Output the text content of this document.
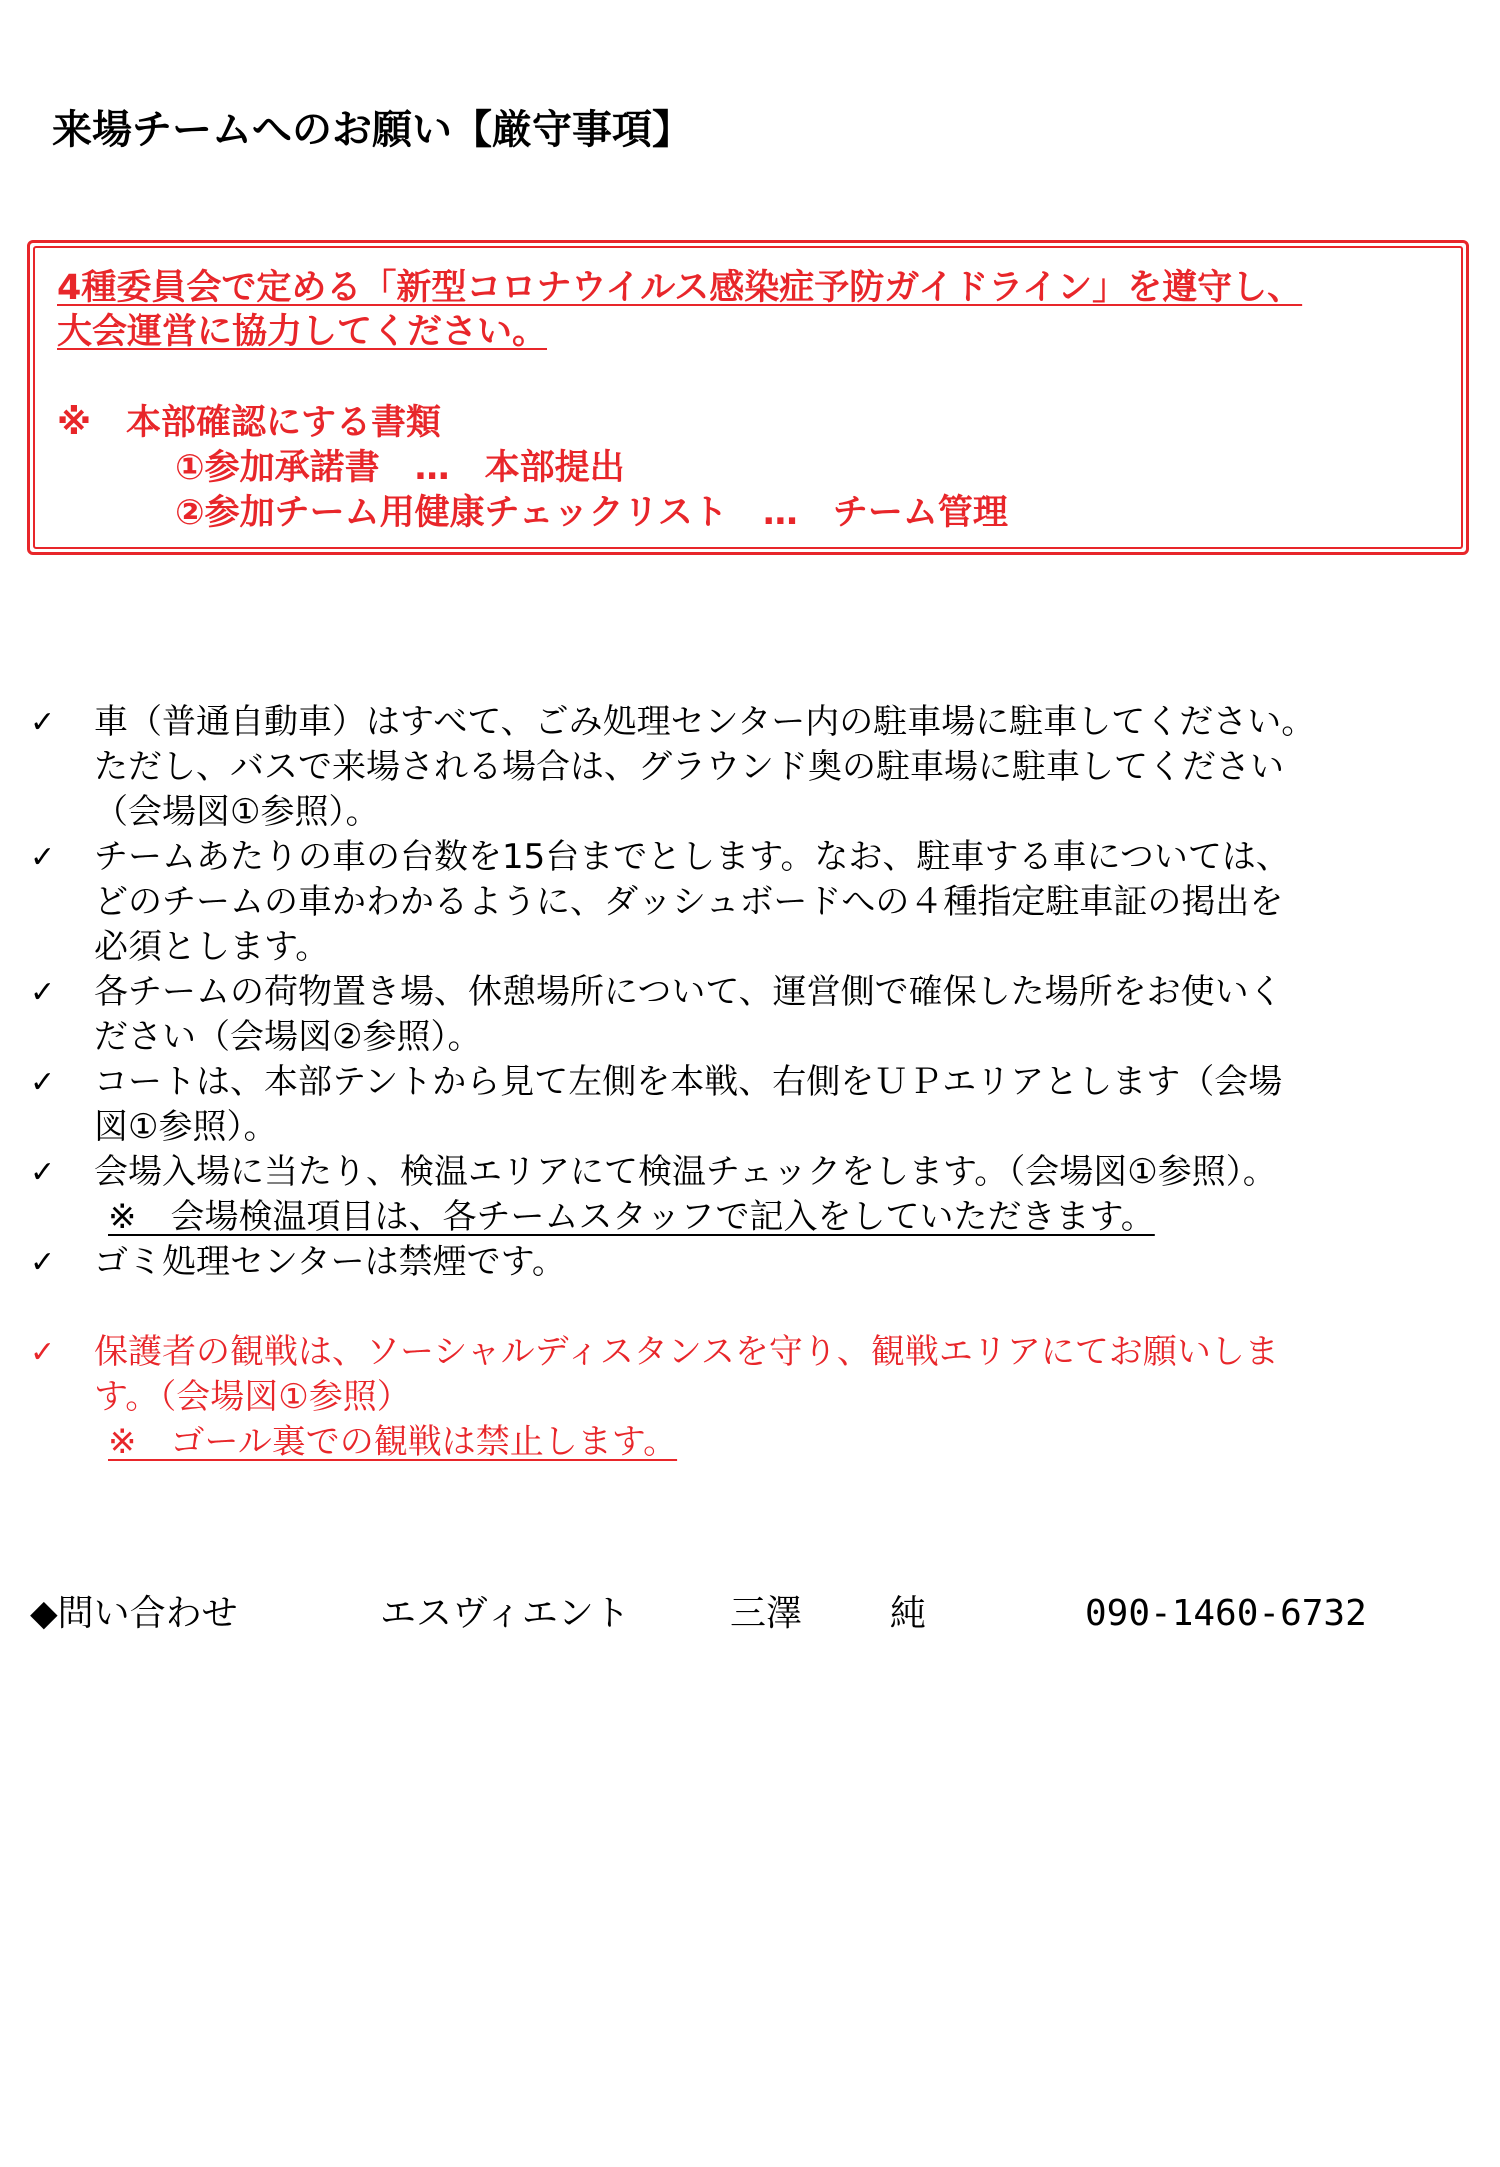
来場チームへのお願い【厳守事項】
4種委員会で定める「新型コロナウイルス感染症予防ガイドライン」を遵守し、
大会運営に協力してください。
※　本部確認にする書類
①参加承諾書　…　本部提出
②参加チーム用健康チェックリスト　…　チーム管理
✓ 車（普通自動車）はすべて、ごみ処理センター内の駐車場に駐車してください。
ただし、バスで来場される場合は、グラウンド奥の駐車場に駐車してください
（会場図①参照）。
✓ チームあたりの車の台数を15台までとします。なお、駐車する車については、
どのチームの車かわかるように、ダッシュボードへの４種指定駐車証の掲出を
必須とします。
✓ 各チームの荷物置き場、休憩場所について、運営側で確保した場所をお使いく
ださい（会場図②参照）。
✓ コートは、本部テントから見て左側を本戦、右側をＵＰエリアとします（会場
図①参照）。
✓ 会場入場に当たり、検温エリアにて検温チェックをします。（会場図①参照）。
※　会場検温項目は、各チームスタッフで記入をしていただきます。
✓ ゴミ処理センターは禁煙です。
✓ 保護者の観戦は、ソーシャルディスタンスを守り、観戦エリアにてお願いしま
す。（会場図①参照）
※　ゴール裏での観戦は禁止します。
◆問い合わせ	エスヴィエント	三澤 純	090-1460-6732
